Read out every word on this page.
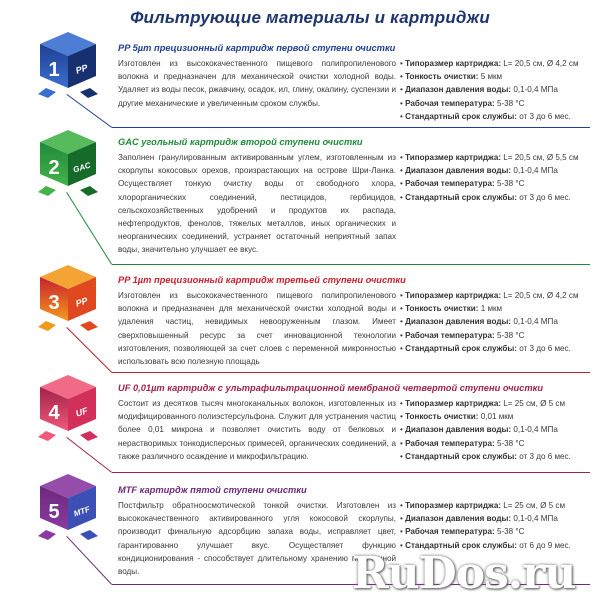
Фильтрующие материалы и картриджи
1 PP
PP 5µm прецизионный картридж первой ступени очистки
Изготовлен из высококачественного пищевого полипропиленового волокна и предназначен для механической очистки холодной воды. Удаляет из воды песок, ржавчину, осадок, ил, глину, окалину, суспензии и другие механические и увеличенным сроком службы.
• Типоразмер картриджа: L= 20,5 см, Ø 4,2 см
• Тонкость очистки: 5 мкм
• Диапазон давления воды: 0,1-0,4 МПа
• Рабочая температура: 5-38 °C
• Стандартный срок службы: от 3 до 6 мес.
2 GAC
GAC угольный картридж второй ступени очистки
Заполнен гранулированным активированным углем, изготовленным из скорлупы кокосовых орехов, произрастающих на острове Шри-Ланка. Осуществляет тонкую очистку воды от свободного хлора, хлорорганических соединений, пестицидов, гербицидов, сельскохозяйственных удобрений и продуктов их распада, нефтепродуктов, фенолов, тяжелых металлов, иных органических и неорганических соединений, устраняет остаточный неприятный запах воды, значительно улучшает ее вкус.
• Типоразмер картриджа: L= 20,5 см, Ø 5,5 см
• Диапазон давления воды: 0,1-0,4 МПа
• Рабочая температура: 5-38 °C
• Стандартный срок службы: от 3 до 6 мес.
3 PP
PP 1µm прецизионный картридж третьей ступени очистки
Изготовлен из высококачественного пищевого полипропиленового волокна и предназначен для механической очистки холодной воды и удаления частиц, невидимых невооруженным глазом. Имеет сверхповышенный ресурс за счет инновационной технологии изготовления, позволяющей за счет слоев с переменной микронностью использовать всю полезную площадь
• Типоразмер картриджа: L= 20,5 см, Ø 4,2 см
• Тонкость очистки: 1 мкм
• Диапазон давления воды: 0,1-0,4 МПа
• Рабочая температура: 5-38 °C
• Стандартный срок службы: от 3 до 6 мес.
4 UF
UF 0,01µm картридж с ультрафильтрационной мембраной четвертой ступени очистки
Состоит из десятков тысяч многоканальных волокон, изготовленных из модифицированного полиэстерсульфона. Служит для устранения частиц более 0,01 микрона и позволяет очистить воду от белковых и нерастворимых тонкодисперсных примесей, органических соединений, а также различного осаждение и микрофильтрацию.
• Типоразмер картриджа: L= 25 см, Ø 5 см
• Тонкость очистки: 0,01 мкм
• Диапазон давления воды: 0,1-0,4 МПа
• Рабочая температура: 5-38 °C
• Стандартный срок службы: от 3 до 6 мес.
5 MTF
MTF картирдж пятой ступени очистки
Постфильтр обратноосмотической тонкой очистки. Изготовлен из высококачественного активированного угля кокосовой скорлупы, производит финальную адсорбцию запаха воды, исправляет цвет, гарантированно улучшает вкус. Осуществляет функцию кондиционирования - способствует длительному хранению полученной воды.
• Типоразмер картриджа: L= 25 см, Ø 5 см
• Диапазон давления воды: 0,1-0,4 МПа
• Рабочая температура: 5-38 °C
• Стандартный срок службы: от 6 до 9 мес.
RuDos.ru
